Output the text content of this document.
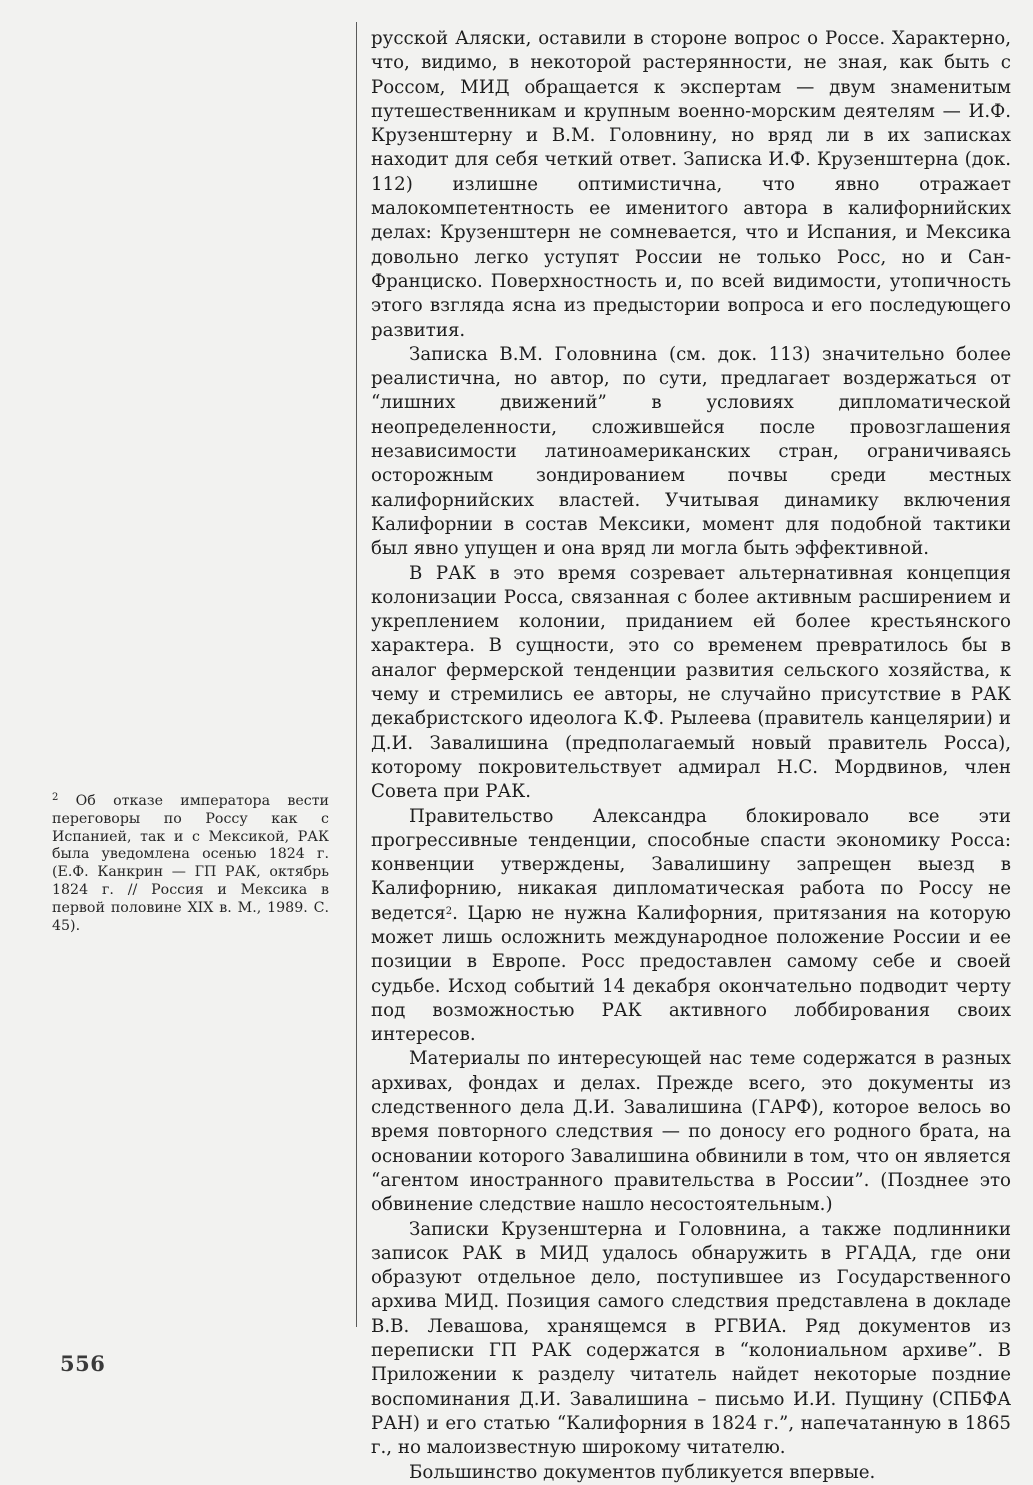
русской Аляски, оставили в стороне вопрос о Россе. Характерно, что, видимо, в некоторой растерянности, не зная, как быть с Россом, МИД обращается к экспертам — двум знаменитым путешественникам и крупным военно-морским деятелям — И.Ф. Крузенштерну и В.М. Головнину, но вряд ли в их записках находит для себя четкий ответ. Записка И.Ф. Крузенштерна (док. 112) излишне оптимистична, что явно отражает малокомпетентность ее именитого автора в калифорнийских делах: Крузенштерн не сомневается, что и Испания, и Мексика довольно легко уступят России не только Росс, но и Сан-Франциско. Поверхностность и, по всей видимости, утопичность этого взгляда ясна из предыстории вопроса и его последующего развития.

Записка В.М. Головнина (см. док. 113) значительно более реалистична, но автор, по сути, предлагает воздержаться от “лишних движений” в условиях дипломатической неопределенности, сложившейся после провозглашения независимости латиноамериканских стран, ограничиваясь осторожным зондированием почвы среди местных калифорнийских властей. Учитывая динамику включения Калифорнии в состав Мексики, момент для подобной тактики был явно упущен и она вряд ли могла быть эффективной.

В РАК в это время созревает альтернативная концепция колонизации Росса, связанная с более активным расширением и укреплением колонии, приданием ей более крестьянского характера. В сущности, это со временем превратилось бы в аналог фермерской тенденции развития сельского хозяйства, к чему и стремились ее авторы, не случайно присутствие в РАК декабристского идеолога К.Ф. Рылеева (правитель канцелярии) и Д.И. Завалишина (предполагаемый новый правитель Росса), которому покровительствует адмирал Н.С. Мордвинов, член Совета при РАК.

Правительство Александра блокировало все эти прогрессивные тенденции, способные спасти экономику Росса: конвенции утверждены, Завалишину запрещен выезд в Калифорнию, никакая дипломатическая работа по Россу не ведется$^2$. Царю не нужна Калифорния, притязания на которую может лишь осложнить международное положение России и ее позиции в Европе. Росс предоставлен самому себе и своей судьбе. Исход событий 14 декабря окончательно подводит черту под возможностью РАК активного лоббирования своих интересов.

Материалы по интересующей нас теме содержатся в разных архивах, фондах и делах. Прежде всего, это документы из следственного дела Д.И. Завалишина (ГАРФ), которое велось во время повторного следствия — по доносу его родного брата, на основании которого Завалишина обвинили в том, что он является “агентом иностранного правительства в России”. (Позднее это обвинение следствие нашло несостоятельным.)

Записки Крузенштерна и Головнина, а также подлинники записок РАК в МИД удалось обнаружить в РГАДА, где они образуют отдельное дело, поступившее из Государственного архива МИД. Позиция самого следствия представлена в докладе В.В. Левашова, хранящемся в РГВИА. Ряд документов из переписки ГП РАК содержатся в “колониальном архиве”. В Приложении к разделу читатель найдет некоторые поздние воспоминания Д.И. Завалишина – письмо И.И. Пущину (СПБФА РАН) и его статью “Калифорния в 1824 г.”, напечатанную в 1865 г., но малоизвестную широкому читателю.

Большинство документов публикуется впервые.

$^2$ Об отказе императора вести переговоры по Россу как с Испанией, так и с Мексикой, РАК была уведомлена осенью 1824 г. (Е.Ф. Канкрин — ГП РАК, октябрь 1824 г. // Россия и Мексика в первой половине XIX в. М., 1989. С. 45).
556
